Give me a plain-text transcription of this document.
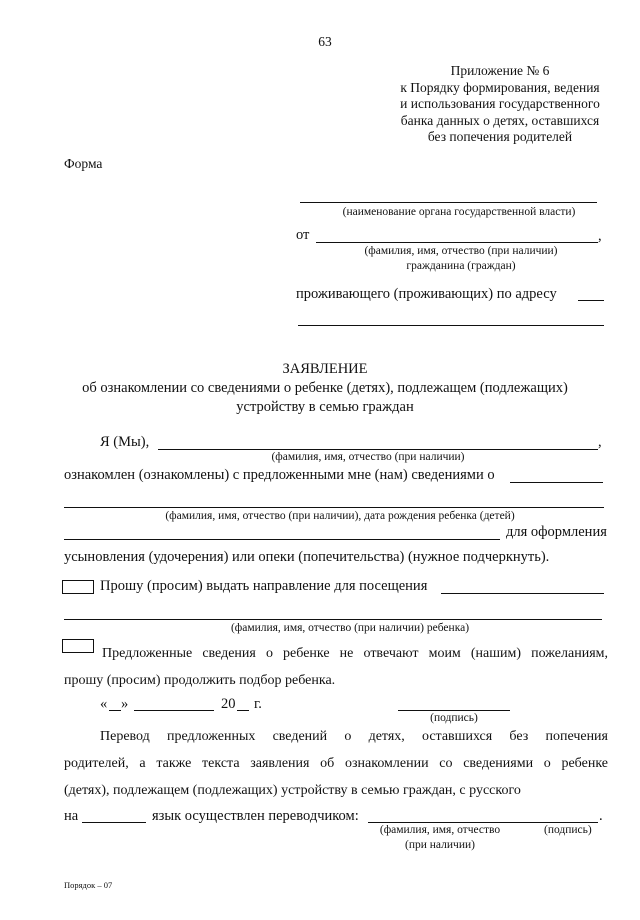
63
Приложение № 6
к Порядку формирования, ведения
и использования государственного
банка данных о детях, оставшихся
без попечения родителей
Форма
(наименование органа государственной власти)
от	,
(фамилия, имя, отчество (при наличии)
гражданина (граждан)
проживающего (проживающих) по адресу
ЗАЯВЛЕНИЕ
об ознакомлении со сведениями о ребенке (детях), подлежащем (подлежащих)
устройству в семью граждан
Я (Мы),	,
(фамилия, имя, отчество (при наличии)
ознакомлен (ознакомлены) с предложенными мне (нам) сведениями о
(фамилия, имя, отчество (при наличии), дата рождения ребенка (детей)
для оформления
усыновления (удочерения) или опеки (попечительства) (нужное подчеркнуть).
Прошу (просим) выдать направление для посещения
(фамилия, имя, отчество (при наличии) ребенка)
Предложенные сведения о ребенке не отвечают моим (нашим) пожеланиям,
прошу (просим) продолжить подбор ребенка.
« »	20 г.
(подпись)
Перевод предложенных сведений о детях, оставшихся без попечения
родителей, а также текста заявления об ознакомлении со сведениями о ребенке
(детях), подлежащем (подлежащих) устройству в семью граждан, с русского
на	язык осуществлен переводчиком:	.
(фамилия, имя, отчество
(при наличии)
(подпись)
Порядок – 07
